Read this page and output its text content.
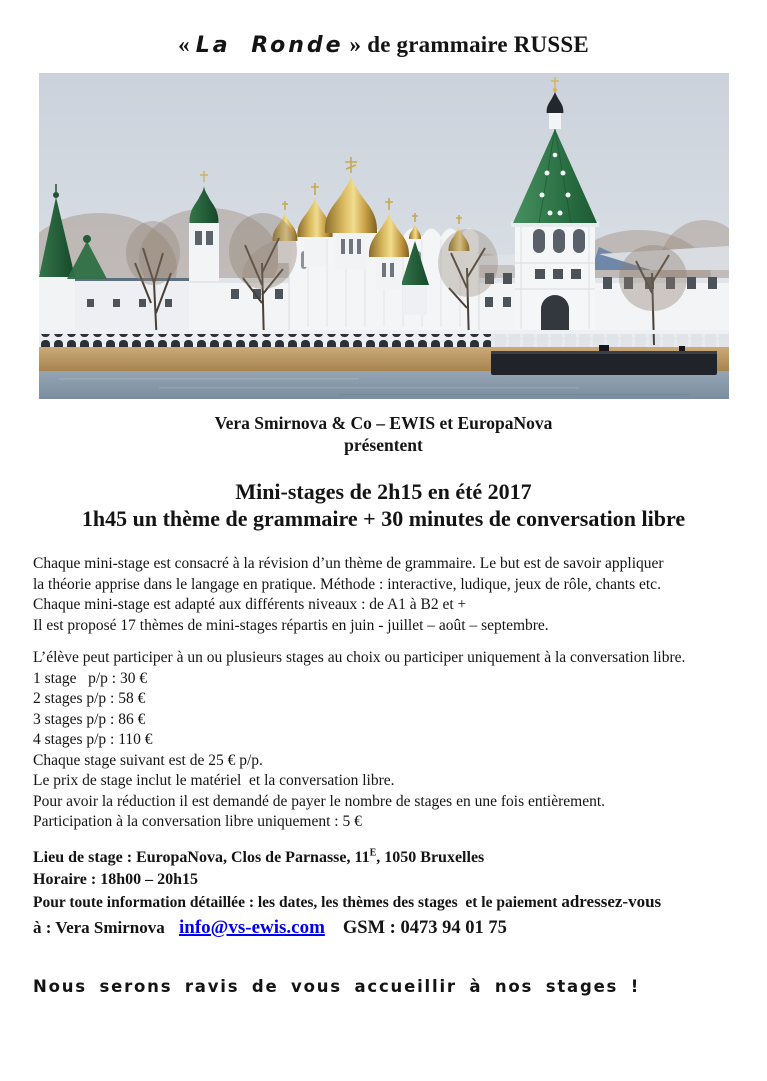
« La Ronde » de grammaire RUSSE
Vera Smirnova & Co – EWIS et EuropaNova
présentent
Mini-stages de 2h15 en été 2017
1h45 un thème de grammaire + 30 minutes de conversation libre
Chaque mini-stage est consacré à la révision d’un thème de grammaire. Le but est de savoir appliquer
la théorie apprise dans le langage en pratique. Méthode : interactive, ludique, jeux de rôle, chants etc.
Chaque mini-stage est adapté aux différents niveaux : de A1 à B2 et +
Il est proposé 17 thèmes de mini-stages répartis en juin - juillet – août – septembre.
L’élève peut participer à un ou plusieurs stages au choix ou participer uniquement à la conversation libre.
1 stage   p/p : 30 €
2 stages p/p : 58 €
3 stages p/p : 86 €
4 stages p/p : 110 €
Chaque stage suivant est de 25 € p/p.
Le prix de stage inclut le matériel  et la conversation libre.
Pour avoir la réduction il est demandé de payer le nombre de stages en une fois entièrement.
Participation à la conversation libre uniquement : 5 €
Lieu de stage : EuropaNova, Clos de Parnasse, $11^E$, 1050 Bruxelles
Horaire : 18h00 – 20h15
Pour toute information détaillée : les dates, les thèmes des stages  et le paiement adressez-vous
à : Vera Smirnova info@vs-ewis.com GSM : 0473 94 01 75
Nous serons ravis de vous accueillir à nos stages !
